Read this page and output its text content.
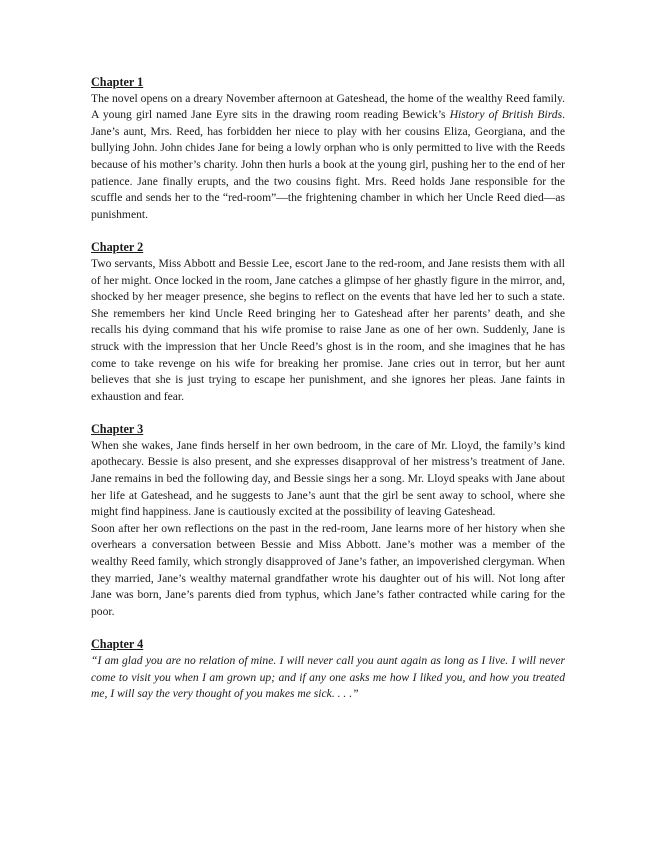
Chapter 1

The novel opens on a dreary November afternoon at Gateshead, the home of the wealthy Reed family. A young girl named Jane Eyre sits in the drawing room reading Bewick’s History of British Birds. Jane’s aunt, Mrs. Reed, has forbidden her niece to play with her cousins Eliza, Georgiana, and the bullying John. John chides Jane for being a lowly orphan who is only permitted to live with the Reeds because of his mother’s charity. John then hurls a book at the young girl, pushing her to the end of her patience. Jane finally erupts, and the two cousins fight. Mrs. Reed holds Jane responsible for the scuffle and sends her to the “red-room”—the frightening chamber in which her Uncle Reed died—as punishment.

Chapter 2

Two servants, Miss Abbott and Bessie Lee, escort Jane to the red-room, and Jane resists them with all of her might. Once locked in the room, Jane catches a glimpse of her ghastly figure in the mirror, and, shocked by her meager presence, she begins to reflect on the events that have led her to such a state. She remembers her kind Uncle Reed bringing her to Gateshead after her parents’ death, and she recalls his dying command that his wife promise to raise Jane as one of her own. Suddenly, Jane is struck with the impression that her Uncle Reed’s ghost is in the room, and she imagines that he has come to take revenge on his wife for breaking her promise. Jane cries out in terror, but her aunt believes that she is just trying to escape her punishment, and she ignores her pleas. Jane faints in exhaustion and fear.

Chapter 3

When she wakes, Jane finds herself in her own bedroom, in the care of Mr. Lloyd, the family’s kind apothecary. Bessie is also present, and she expresses disapproval of her mistress’s treatment of Jane. Jane remains in bed the following day, and Bessie sings her a song. Mr. Lloyd speaks with Jane about her life at Gateshead, and he suggests to Jane’s aunt that the girl be sent away to school, where she might find happiness. Jane is cautiously excited at the possibility of leaving Gateshead.

Soon after her own reflections on the past in the red-room, Jane learns more of her history when she overhears a conversation between Bessie and Miss Abbott. Jane’s mother was a member of the wealthy Reed family, which strongly disapproved of Jane’s father, an impoverished clergyman. When they married, Jane’s wealthy maternal grandfather wrote his daughter out of his will. Not long after Jane was born, Jane’s parents died from typhus, which Jane’s father contracted while caring for the poor.

Chapter 4

“I am glad you are no relation of mine. I will never call you aunt again as long as I live. I will never come to visit you when I am grown up; and if any one asks me how I liked you, and how you treated me, I will say the very thought of you makes me sick. . . .”
